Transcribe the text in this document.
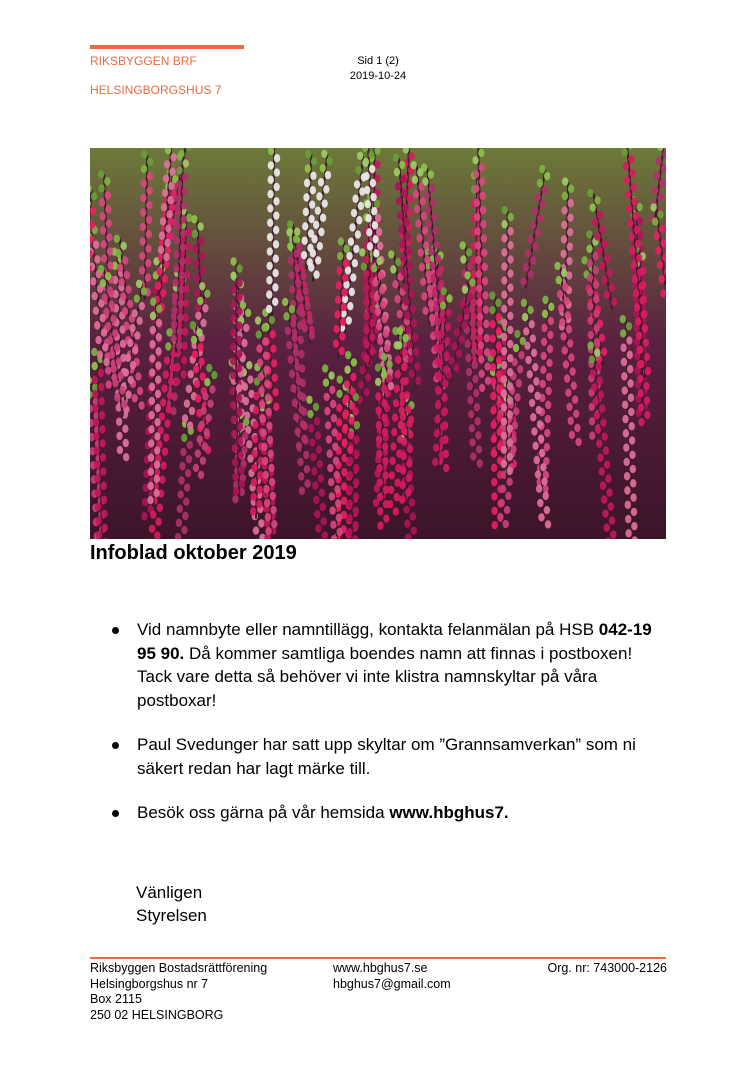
RIKSBYGGEN BRF
HELSINGBORGSHUS 7
Sid 1 (2)
2019-10-24
Infoblad oktober 2019
Vid namnbyte eller namntillägg, kontakta felanmälan på HSB 042-19 95 90. Då kommer samtliga boendes namn att finnas i postboxen! Tack vare detta så behöver vi inte klistra namnskyltar på våra postboxar!
Paul Svedunger har satt upp skyltar om ”Grannsamverkan” som ni säkert redan har lagt märke till.
Besök oss gärna på vår hemsida www.hbghus7.
Vänligen
Styrelsen
Riksbyggen Bostadsrättförening
Helsingborgshus nr 7
Box 2115
250 02 HELSINGBORG
www.hbghus7.se
hbghus7@gmail.com
Org. nr: 743000-2126
